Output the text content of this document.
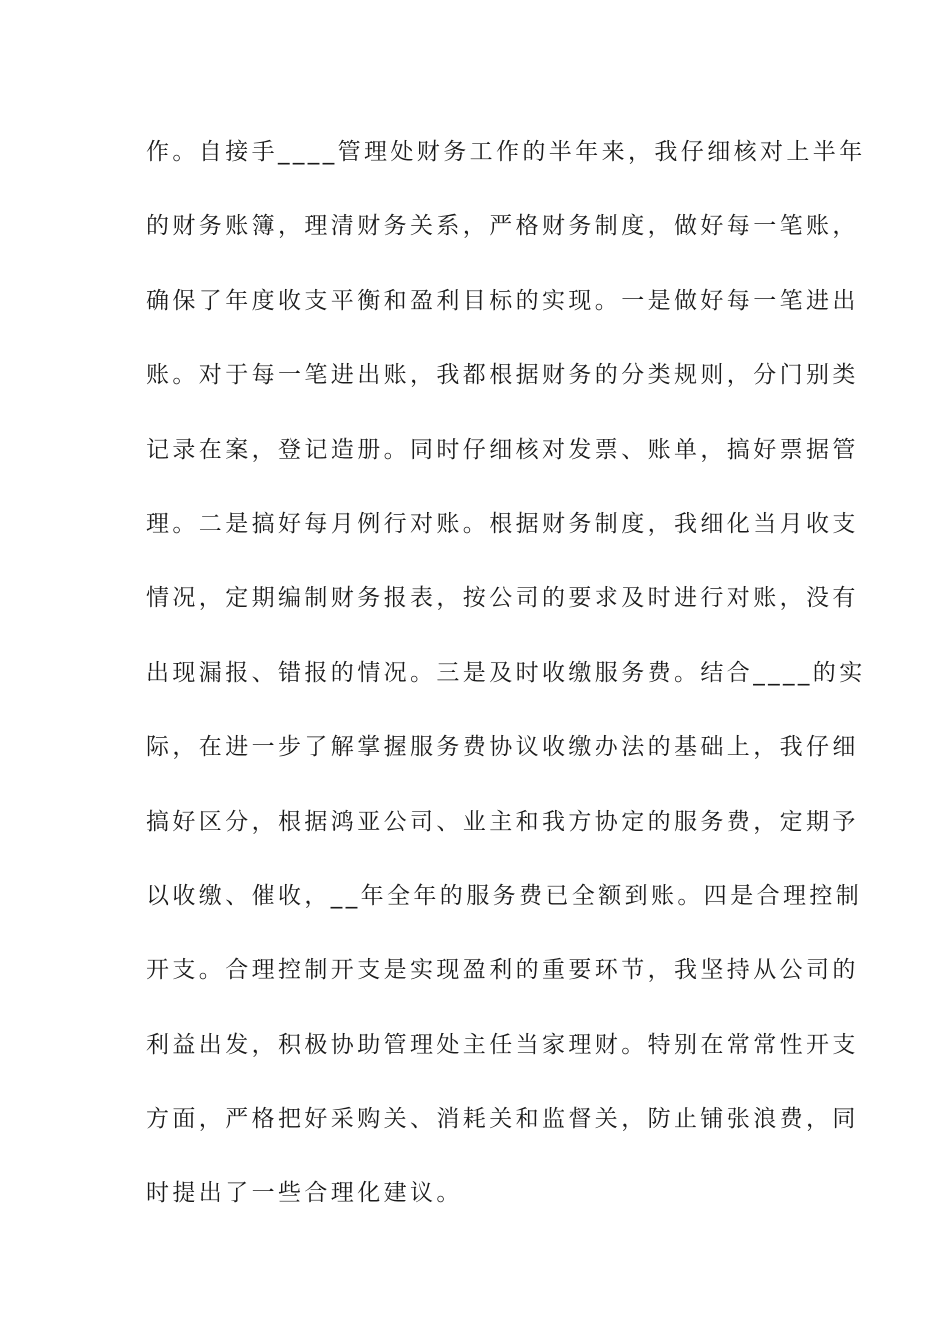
作。自接手____管理处财务工作的半年来，我仔细核对上半年
的财务账簿，理清财务关系，严格财务制度，做好每一笔账，
确保了年度收支平衡和盈利目标的实现。一是做好每一笔进出
账。对于每一笔进出账，我都根据财务的分类规则，分门别类
记录在案，登记造册。同时仔细核对发票、账单，搞好票据管
理。二是搞好每月例行对账。根据财务制度，我细化当月收支
情况，定期编制财务报表，按公司的要求及时进行对账，没有
出现漏报、错报的情况。三是及时收缴服务费。结合____的实
际，在进一步了解掌握服务费协议收缴办法的基础上，我仔细
搞好区分，根据鸿亚公司、业主和我方协定的服务费，定期予
以收缴、催收，__年全年的服务费已全额到账。四是合理控制
开支。合理控制开支是实现盈利的重要环节，我坚持从公司的
利益出发，积极协助管理处主任当家理财。特别在常常性开支
方面，严格把好采购关、消耗关和监督关，防止铺张浪费，同
时提出了一些合理化建议。
